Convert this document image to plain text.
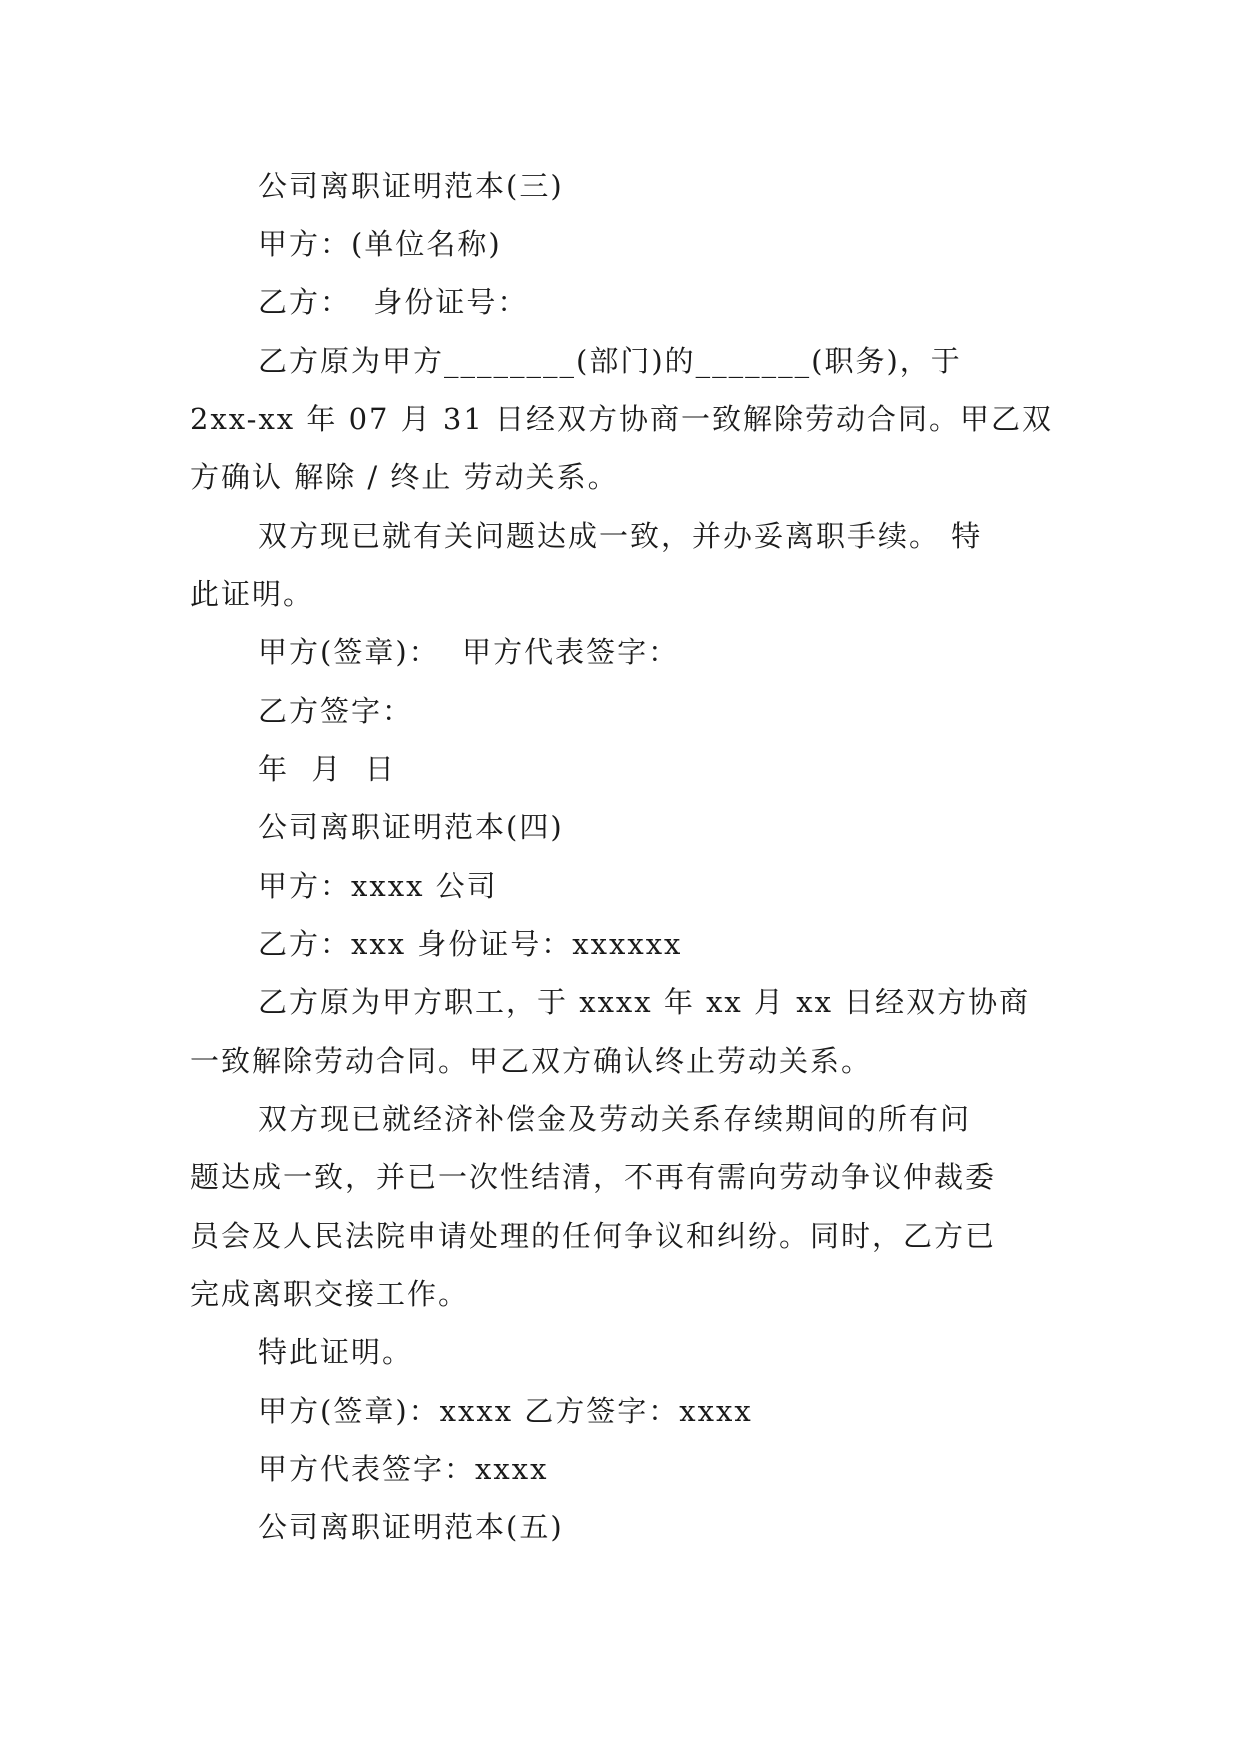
公司离职证明范本(三)
甲方：(单位名称)
乙方：  身份证号：
乙方原为甲方________(部门)的_______(职务)，于
2xx-xx 年 07 月 31 日经双方协商一致解除劳动合同。甲乙双
方确认 解除 / 终止 劳动关系。
双方现已就有关问题达成一致，并办妥离职手续。 特
此证明。
甲方(签章)：  甲方代表签字：
乙方签字：
年  月  日
公司离职证明范本(四)
甲方：xxxx 公司
乙方：xxx 身份证号：xxxxxx
乙方原为甲方职工，于 xxxx 年 xx 月 xx 日经双方协商
一致解除劳动合同。甲乙双方确认终止劳动关系。
双方现已就经济补偿金及劳动关系存续期间的所有问
题达成一致，并已一次性结清，不再有需向劳动争议仲裁委
员会及人民法院申请处理的任何争议和纠纷。同时，乙方已
完成离职交接工作。
特此证明。
甲方(签章)：xxxx 乙方签字：xxxx
甲方代表签字：xxxx
公司离职证明范本(五)
